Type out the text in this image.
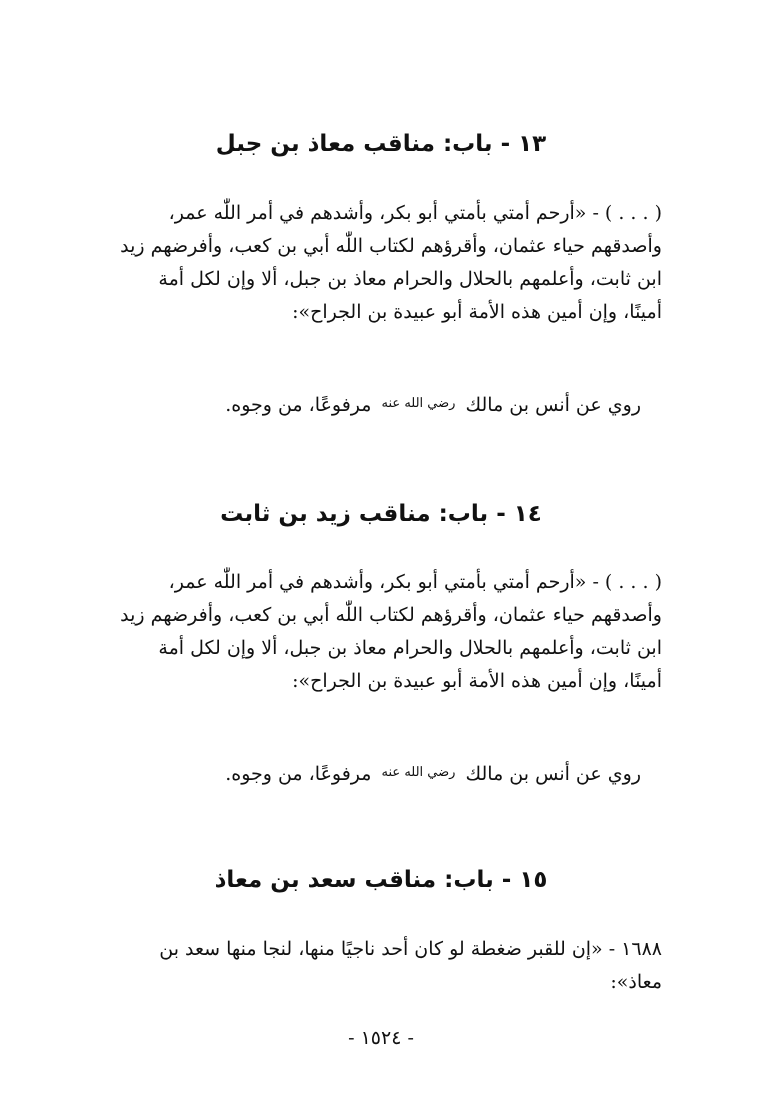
١٣ - باب: مناقب معاذ بن جبل
( . . . ) - «أرحم أمتي بأمتي أبو بكر، وأشدهم في أمر اللّٰه عمر،
وأصدقهم حياء عثمان، وأقرؤهم لكتاب اللّٰه أبي بن كعب، وأفرضهم زيد
ابن ثابت، وأعلمهم بالحلال والحرام معاذ بن جبل، ألا وإن لكل أمة
أمينًا، وإن أمين هذه الأمة أبو عبيدة بن الجراح»:
روي عن أنس بن مالك رضي الله عنه مرفوعًا، من وجوه.
١٤ - باب: مناقب زيد بن ثابت
( . . . ) - «أرحم أمتي بأمتي أبو بكر، وأشدهم في أمر اللّٰه عمر،
وأصدقهم حياء عثمان، وأقرؤهم لكتاب اللّٰه أبي بن كعب، وأفرضهم زيد
ابن ثابت، وأعلمهم بالحلال والحرام معاذ بن جبل، ألا وإن لكل أمة
أمينًا، وإن أمين هذه الأمة أبو عبيدة بن الجراح»:
روي عن أنس بن مالك رضي الله عنه مرفوعًا، من وجوه.
١٥ - باب: مناقب سعد بن معاذ
١٦٨٨ - «إن للقبر ضغطة لو كان أحد ناجيًا منها، لنجا منها سعد بن
معاذ»:
- ١٥٢٤ -
